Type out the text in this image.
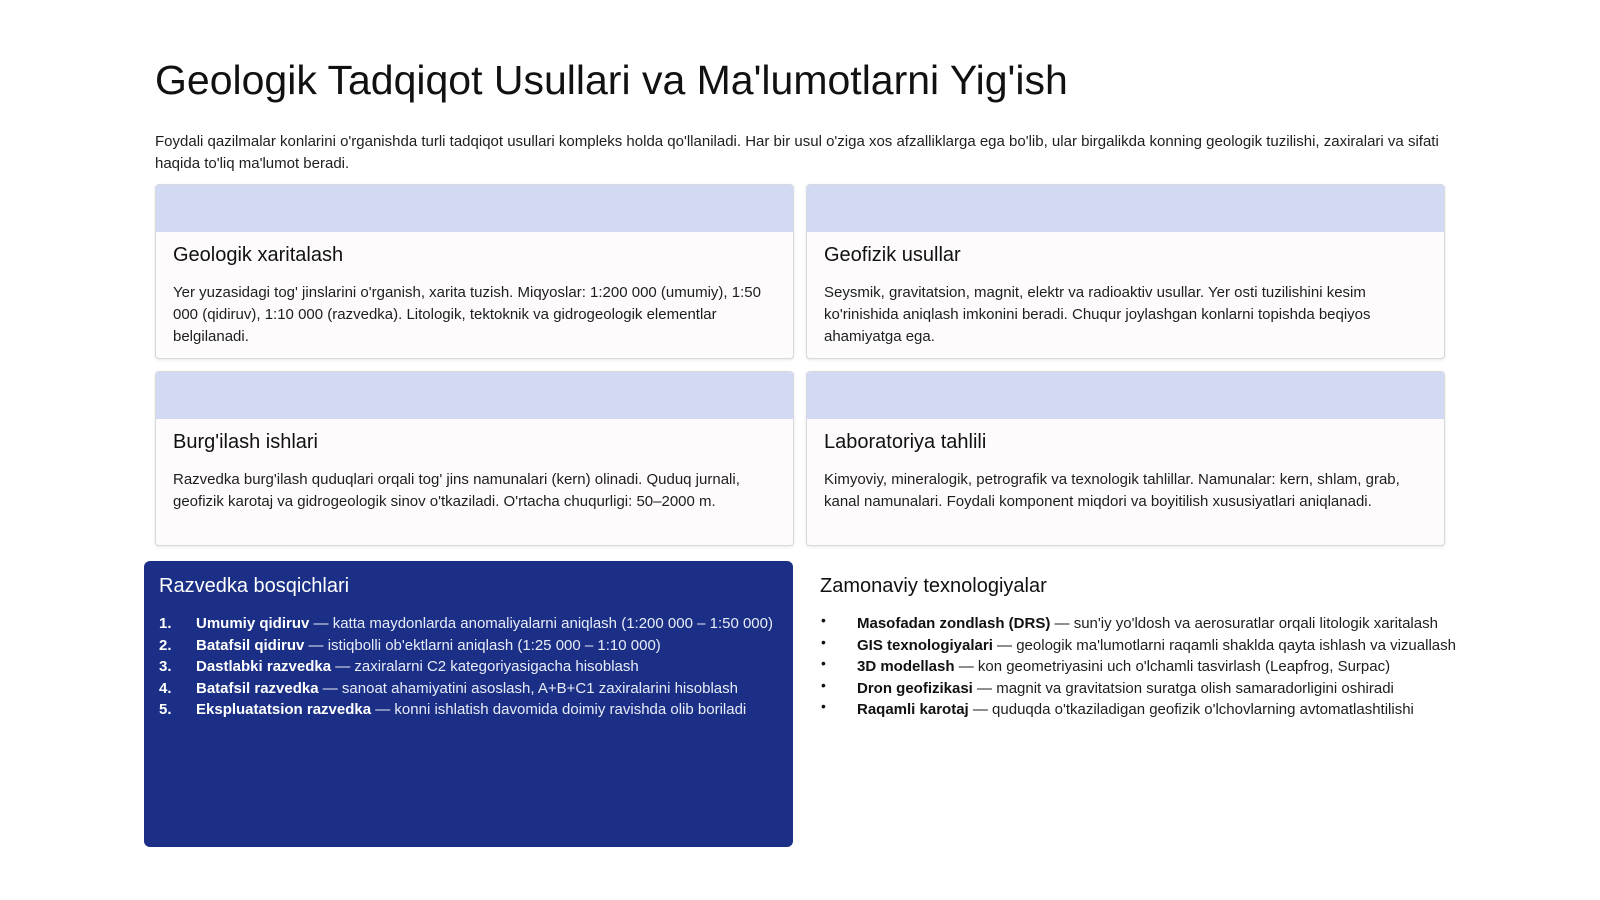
Geologik Tadqiqot Usullari va Ma'lumotlarni Yig'ish

Foydali qazilmalar konlarini o'rganishda turli tadqiqot usullari kompleks holda qo'llaniladi. Har bir usul o'ziga xos afzalliklarga ega bo'lib, ular birgalikda konning geologik tuzilishi, zaxiralari va sifati haqida to'liq ma'lumot beradi.

Geologik xaritalash

Yer yuzasidagi tog' jinslarini o'rganish, xarita tuzish. Miqyoslar: 1:200 000 (umumiy), 1:50 000 (qidiruv), 1:10 000 (razvedka). Litologik, tektoknik va gidrogeologik elementlar belgilanadi.

Geofizik usullar

Seysmik, gravitatsion, magnit, elektr va radioaktiv usullar. Yer osti tuzilishini kesim ko'rinishida aniqlash imkonini beradi. Chuqur joylashgan konlarni topishda beqiyos ahamiyatga ega.

Burg'ilash ishlari

Razvedka burg'ilash quduqlari orqali tog' jins namunalari (kern) olinadi. Quduq jurnali, geofizik karotaj va gidrogeologik sinov o'tkaziladi. O'rtacha chuqurligi: 50–2000 m.

Laboratoriya tahlili

Kimyoviy, mineralogik, petrografik va texnologik tahlillar. Namunalar: kern, shlam, grab, kanal namunalari. Foydali komponent miqdori va boyitilish xususiyatlari aniqlanadi.

Razvedka bosqichlari
1. Umumiy qidiruv — katta maydonlarda anomaliyalarni aniqlash (1:200 000 – 1:50 000)
2. Batafsil qidiruv — istiqbolli ob'ektlarni aniqlash (1:25 000 – 1:10 000)
3. Dastlabki razvedka — zaxiralarni C2 kategoriyasigacha hisoblash
4. Batafsil razvedka — sanoat ahamiyatini asoslash, A+B+C1 zaxiralarini hisoblash
5. Ekspluatatsion razvedka — konni ishlatish davomida doimiy ravishda olib boriladi
Zamonaviy texnologiyalar
• Masofadan zondlash (DRS) — sun'iy yo'ldosh va aerosuratlar orqali litologik xaritalash
• GIS texnologiyalari — geologik ma'lumotlarni raqamli shaklda qayta ishlash va vizuallash
• 3D modellash — kon geometriyasini uch o'lchamli tasvirlash (Leapfrog, Surpac)
• Dron geofizikasi — magnit va gravitatsion suratga olish samaradorligini oshiradi
• Raqamli karotaj — quduqda o'tkaziladigan geofizik o'lchovlarning avtomatlashtilishi
